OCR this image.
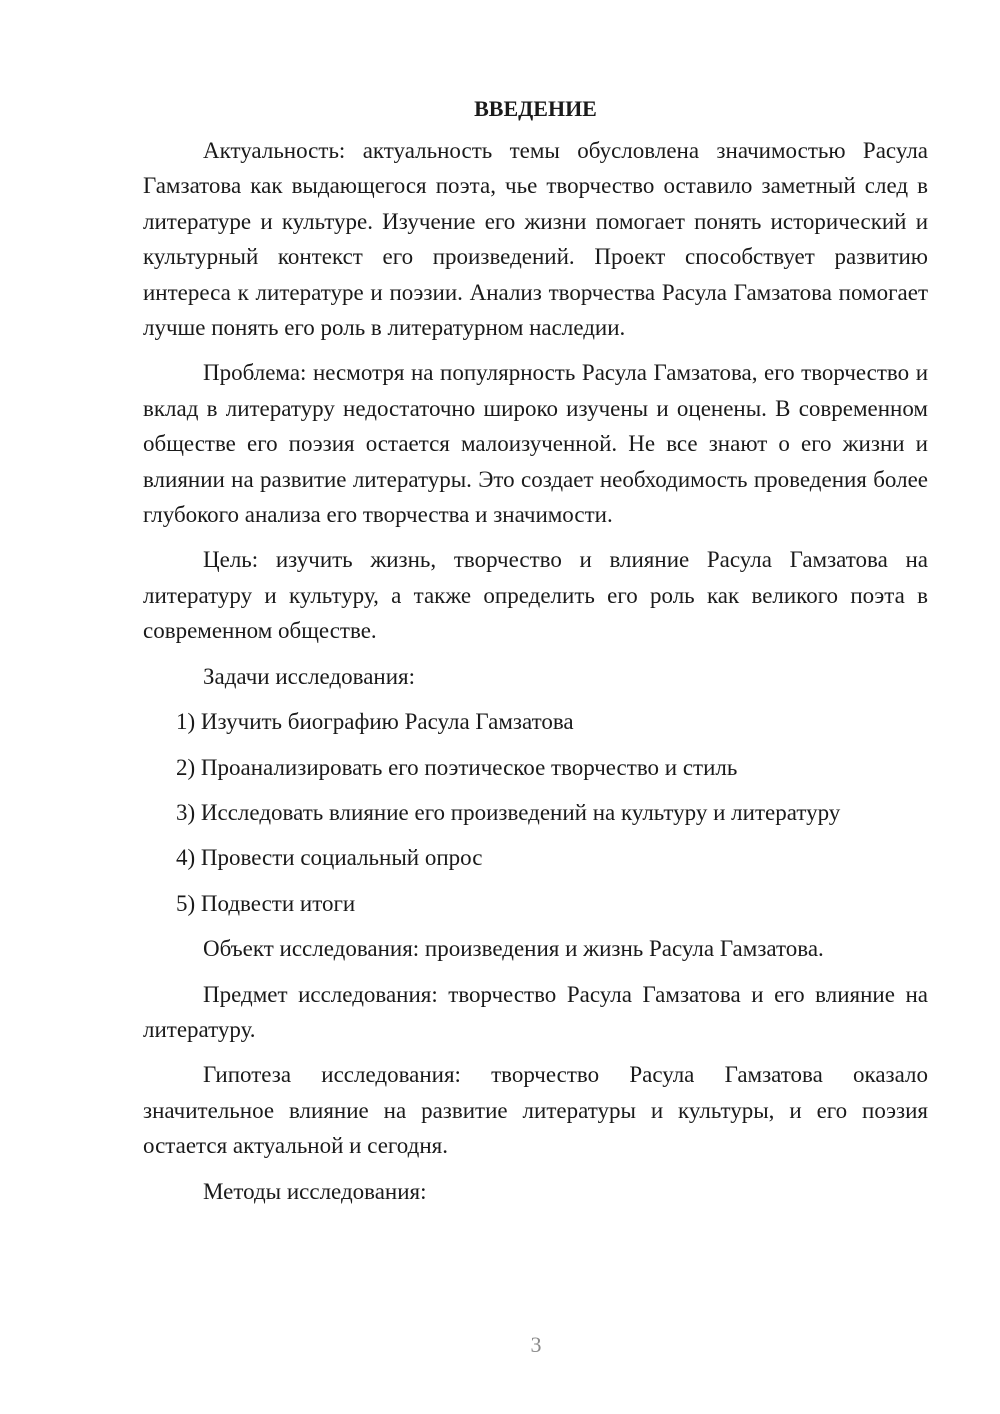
ВВЕДЕНИЕ

Актуальность: актуальность темы обусловлена значимостью Расула Гамзатова как выдающегося поэта, чье творчество оставило заметный след в литературе и культуре. Изучение его жизни помогает понять исторический и культурный контекст его произведений. Проект способствует развитию интереса к литературе и поэзии. Анализ творчества Расула Гамзатова помогает лучше понять его роль в литературном наследии.

Проблема: несмотря на популярность Расула Гамзатова, его творчество и вклад в литературу недостаточно широко изучены и оценены. В современном обществе его поэзия остается малоизученной. Не все знают о его жизни и влиянии на развитие литературы. Это создает необходимость проведения более глубокого анализа его творчества и значимости.

Цель: изучить жизнь, творчество и влияние Расула Гамзатова на литературу и культуру, а также определить его роль как великого поэта в современном обществе.

Задачи исследования:

1) Изучить биографию Расула Гамзатова
2) Проанализировать его поэтическое творчество и стиль
3) Исследовать влияние его произведений на культуру и литературу
4) Провести социальный опрос
5) Подвести итоги

Объект исследования: произведения и жизнь Расула Гамзатова.

Предмет исследования: творчество Расула Гамзатова и его влияние на литературу.

Гипотеза исследования: творчество Расула Гамзатова оказало значительное влияние на развитие литературы и культуры, и его поэзия остается актуальной и сегодня.

Методы исследования:

3
